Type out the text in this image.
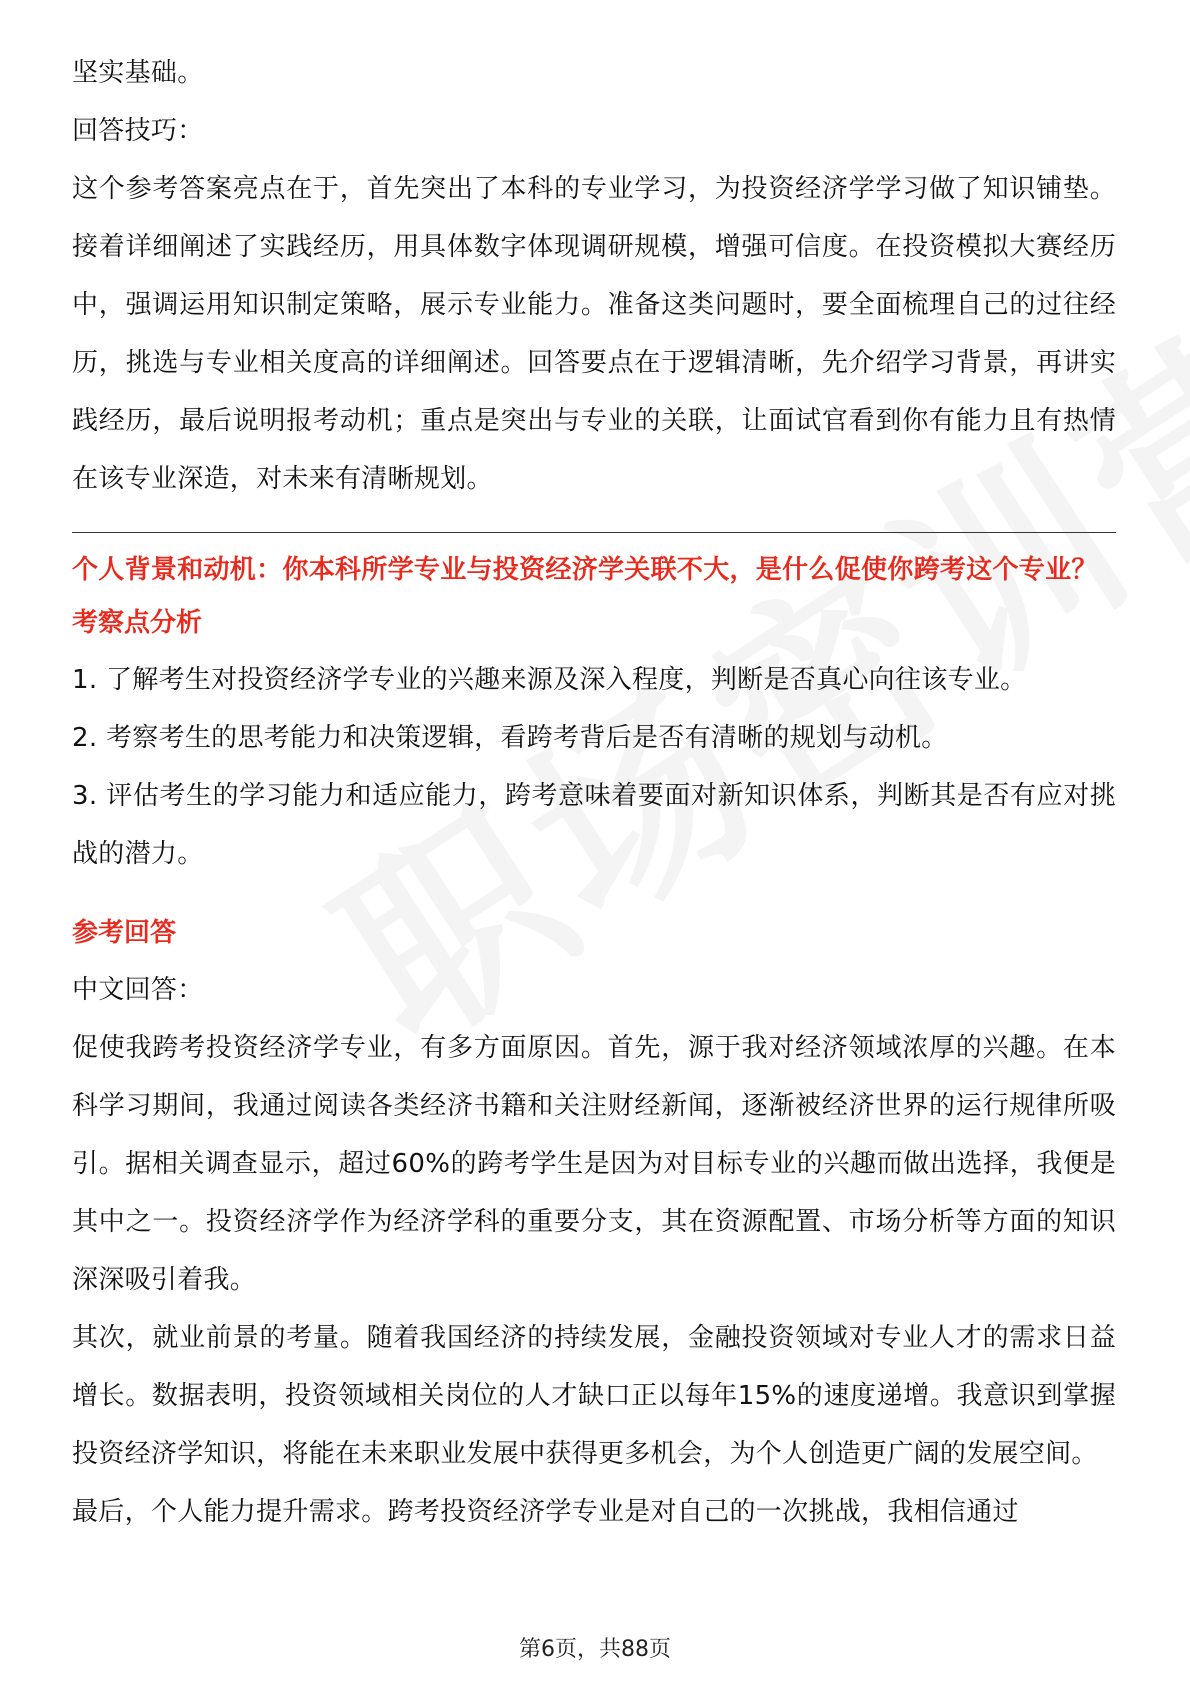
坚实基础。

回答技巧：

这个参考答案亮点在于，首先突出了本科的专业学习，为投资经济学学习做了知识铺垫。接着详细阐述了实践经历，用具体数字体现调研规模，增强可信度。在投资模拟大赛经历中，强调运用知识制定策略，展示专业能力。准备这类问题时，要全面梳理自己的过往经历，挑选与专业相关度高的详细阐述。回答要点在于逻辑清晰，先介绍学习背景，再讲实践经历，最后说明报考动机；重点是突出与专业的关联，让面试官看到你有能力且有热情在该专业深造，对未来有清晰规划。

个人背景和动机：你本科所学专业与投资经济学关联不大，是什么促使你跨考这个专业？

考察点分析

1. 了解考生对投资经济学专业的兴趣来源及深入程度，判断是否真心向往该专业。

2. 考察考生的思考能力和决策逻辑，看跨考背后是否有清晰的规划与动机。

3. 评估考生的学习能力和适应能力，跨考意味着要面对新知识体系，判断其是否有应对挑战的潜力。

参考回答

中文回答：

促使我跨考投资经济学专业，有多方面原因。首先，源于我对经济领域浓厚的兴趣。在本科学习期间，我通过阅读各类经济书籍和关注财经新闻，逐渐被经济世界的运行规律所吸引。据相关调查显示，超过60%的跨考学生是因为对目标专业的兴趣而做出选择，我便是其中之一。投资经济学作为经济学科的重要分支，其在资源配置、市场分析等方面的知识深深吸引着我。

其次，就业前景的考量。随着我国经济的持续发展，金融投资领域对专业人才的需求日益增长。数据表明，投资领域相关岗位的人才缺口正以每年15%的速度递增。我意识到掌握投资经济学知识，将能在未来职业发展中获得更多机会，为个人创造更广阔的发展空间。

最后，个人能力提升需求。跨考投资经济学专业是对自己的一次挑战，我相信通过

第6页，共88页
